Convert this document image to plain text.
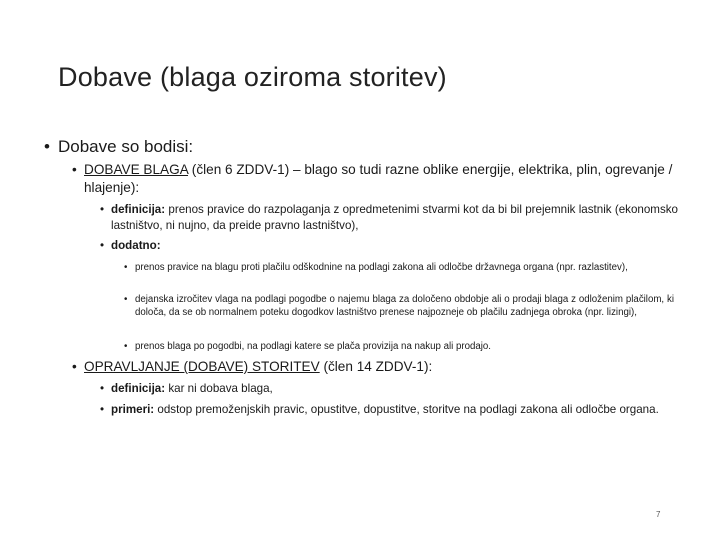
Dobave (blaga oziroma storitev)
• Dobave so bodisi:
• DOBAVE BLAGA (člen 6 ZDDV-1) – blago so tudi razne oblike energije, elektrika, plin, ogrevanje / hlajenje):
• definicija: prenos pravice do razpolaganja z opredmetenimi stvarmi kot da bi bil prejemnik lastnik (ekonomsko lastništvo, ni nujno, da preide pravno lastništvo),
• dodatno:
• prenos pravice na blagu proti plačilu odškodnine na podlagi zakona ali odločbe državnega organa (npr. razlastitev),
• dejanska izročitev vlaga na podlagi pogodbe o najemu blaga za določeno obdobje ali o prodaji blaga z odloženim plačilom, ki določa, da se ob normalnem poteku dogodkov lastništvo prenese najpozneje ob plačilu zadnjega obroka (npr. lizingi),
• prenos blaga po pogodbi, na podlagi katere se plača provizija na nakup ali prodajo.
• OPRAVLJANJE (DOBAVE) STORITEV (člen 14 ZDDV-1):
• definicija: kar ni dobava blaga,
• primeri: odstop premoženjskih pravic, opustitve, dopustitve, storitve na podlagi zakona ali odločbe organa.
7
